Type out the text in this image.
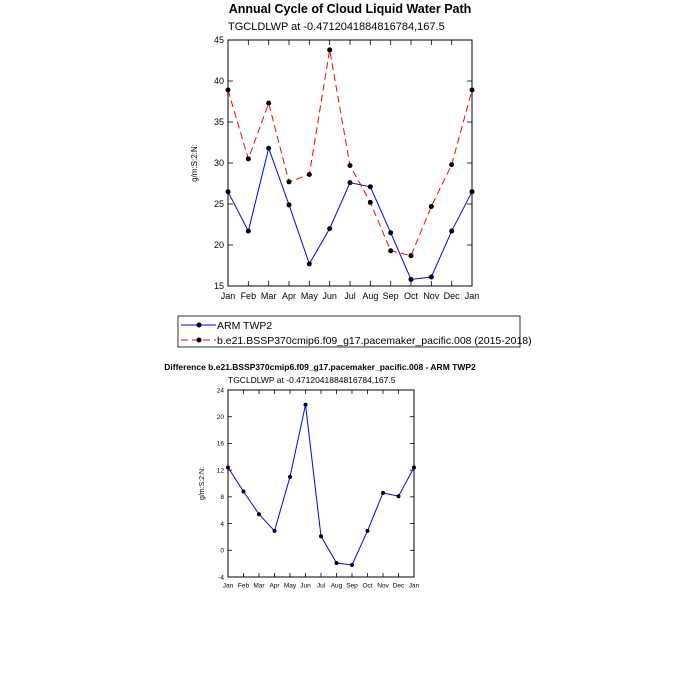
Annual Cycle of Cloud Liquid Water Path
TGCLDLWP at -0.4712041884816784,167.5
15
20
25
30
35
40
45
Jan Feb Mar Apr May Jun Jul Aug Sep Oct Nov Dec Jan
g/m:S:2:N:
ARM TWP2
b.e21.BSSP370cmip6.f09_g17.pacemaker_pacific.008 (2015-2018)
Difference b.e21.BSSP370cmip6.f09_g17.pacemaker_pacific.008 - ARM TWP2
TGCLDLWP at -0.4712041884816784,167.5
-4
0
4
8
12
16
20
24
Jan Feb Mar Apr May Jun Jul Aug Sep Oct Nov Dec Jan
g/m:S:2:N:
